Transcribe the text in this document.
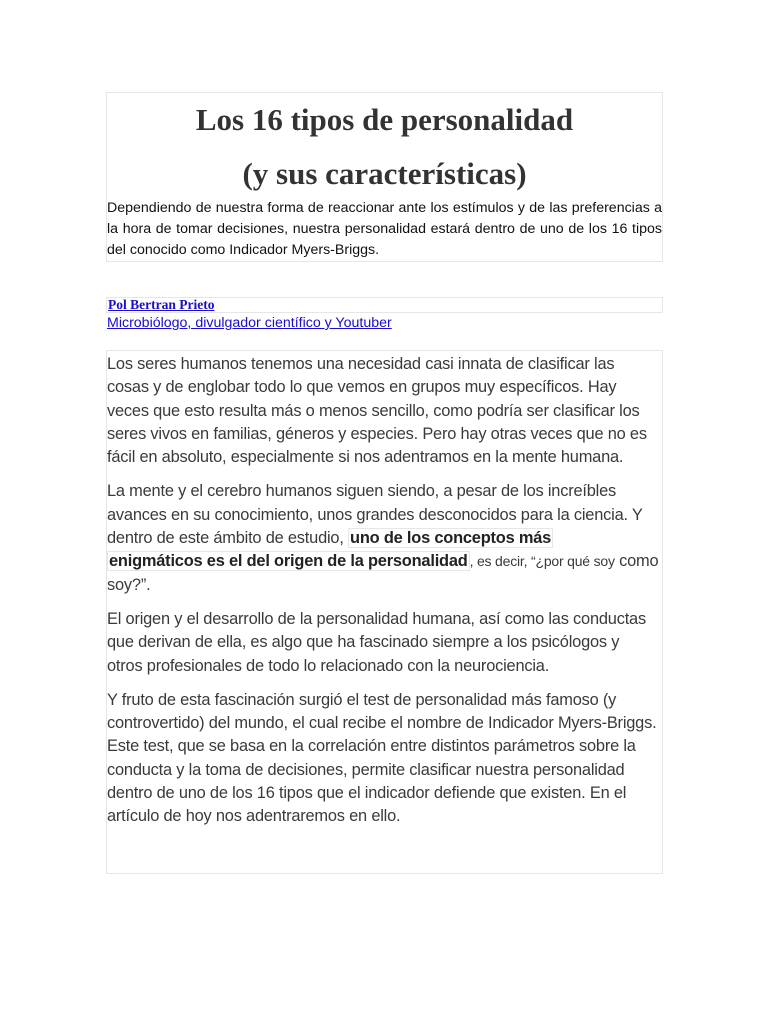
Los 16 tipos de personalidad
(y sus características)
Dependiendo de nuestra forma de reaccionar ante los estímulos y de las preferencias a la hora de tomar decisiones, nuestra personalidad estará dentro de uno de los 16 tipos del conocido como Indicador Myers-Briggs.
Pol Bertran Prieto
Microbiólogo, divulgador científico y Youtuber

Los seres humanos tenemos una necesidad casi innata de clasificar las cosas y de englobar todo lo que vemos en grupos muy específicos. Hay veces que esto resulta más o menos sencillo, como podría ser clasificar los seres vivos en familias, géneros y especies. Pero hay otras veces que no es fácil en absoluto, especialmente si nos adentramos en la mente humana.

La mente y el cerebro humanos siguen siendo, a pesar de los increíbles avances en su conocimiento, unos grandes desconocidos para la ciencia. Y dentro de este ámbito de estudio, uno de los conceptos más
enigmáticos es el del origen de la personalidad , es decir, “¿por qué soy como soy?”.

El origen y el desarrollo de la personalidad humana, así como las conductas que derivan de ella, es algo que ha fascinado siempre a los psicólogos y otros profesionales de todo lo relacionado con la neurociencia.

Y fruto de esta fascinación surgió el test de personalidad más famoso (y controvertido) del mundo, el cual recibe el nombre de Indicador Myers-Briggs. Este test, que se basa en la correlación entre distintos parámetros sobre la conducta y la toma de decisiones, permite clasificar nuestra personalidad dentro de uno de los 16 tipos que el indicador defiende que existen. En el artículo de hoy nos adentraremos en ello.
